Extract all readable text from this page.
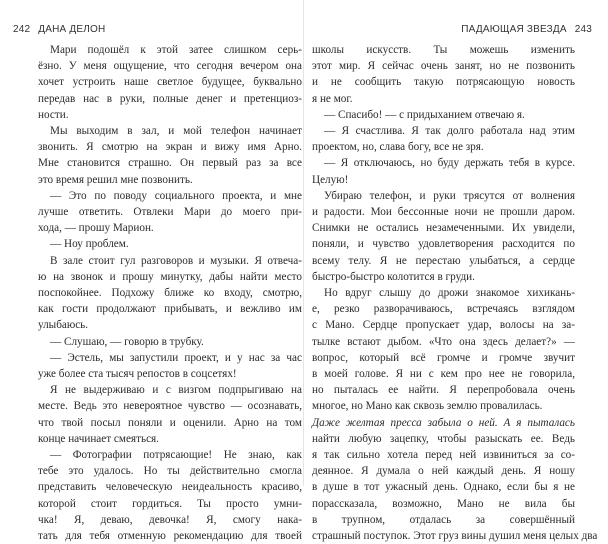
242 ДАНА ДЕЛОН
Мари подошёл к этой затее слишком серь-
ёзно. У меня ощущение, что сегодня вечером она
хочет устроить наше светлое будущее, буквально
передав нас в руки, полные денег и претенциоз-
ности.
Мы выходим в зал, и мой телефон начинает
звонить. Я смотрю на экран и вижу имя Арно.
Мне становится страшно. Он первый раз за все
это время решил мне позвонить.
— Это по поводу социального проекта, и мне
лучше ответить. Отвлеки Мари до моего при-
хода, — прошу Марион.
— Ноу проблем.
В зале стоит гул разговоров и музыки. Я отвеча-
ю на звонок и прошу минутку, дабы найти место
поспокойнее. Подхожу ближе ко входу, смотрю,
как гости продолжают прибывать, и вежливо им
улыбаюсь.
— Слушаю, — говорю в трубку.
— Эстель, мы запустили проект, и у нас за час
уже более ста тысяч репостов в соцсетях!
Я не выдерживаю и с визгом подпрыгиваю на
месте. Ведь это невероятное чувство — осознавать,
что твой посыл поняли и оценили. Арно на том
конце начинает смеяться.
— Фотографии потрясающие! Не знаю, как
тебе это удалось. Но ты действительно смогла
представить человеческую неидеальность красиво,
которой стоит гордиться. Ты просто умни-
чка! Я, деваю, девочка! Я, смогу нака-
тать для тебя отменную рекомендацию для твоей
ПАДАЮЩАЯ ЗВЕЗДА 243
школы искусств. Ты можешь изменить
этот мир. Я сейчас очень занят, но не позвонить
и не сообщить такую потрясающую новость
я не мог.
— Спасибо! — с придыханием отвечаю я.
— Я счастлива. Я так долго работала над этим
проектом, но, слава богу, все не зря.
— Я отключаюсь, но буду держать тебя в курсе.
Целую!
Убираю телефон, и руки трясутся от волнения
и радости. Мои бессонные ночи не прошли даром.
Снимки не остались незамеченными. Их увидели,
поняли, и чувство удовлетворения расходится по
всему телу. Я не перестаю улыбаться, а сердце
быстро-быстро колотится в груди.
Но вдруг слышу до дрожи знакомое хихикань-
е, резко разворачиваюсь, встречаясь взглядом
с Мано. Сердце пропускает удар, волосы на за-
тылке встают дыбом. «Что она здесь делает?» —
вопрос, который всё громче и громче звучит
в моей голове. Я ни с кем про нее не говорила,
но пыталась ее найти. Я перепробовала очень
многое, но Мано как сквозь землю провалилась.
Даже желтая пресса забыла о ней. А я пыталась
найти любую зацепку, чтобы разыскать ее. Ведь
я так сильно хотела перед ней извиниться за со-
деянное. Я думала о ней каждый день. Я ношу
в душе в тот ужасный день. Однако, если бы я не
порассказала, возможно, Мано не вила бы
в трупном, отдалась за совершённый
страшный поступок. Этот груз вины душил меня целых два
